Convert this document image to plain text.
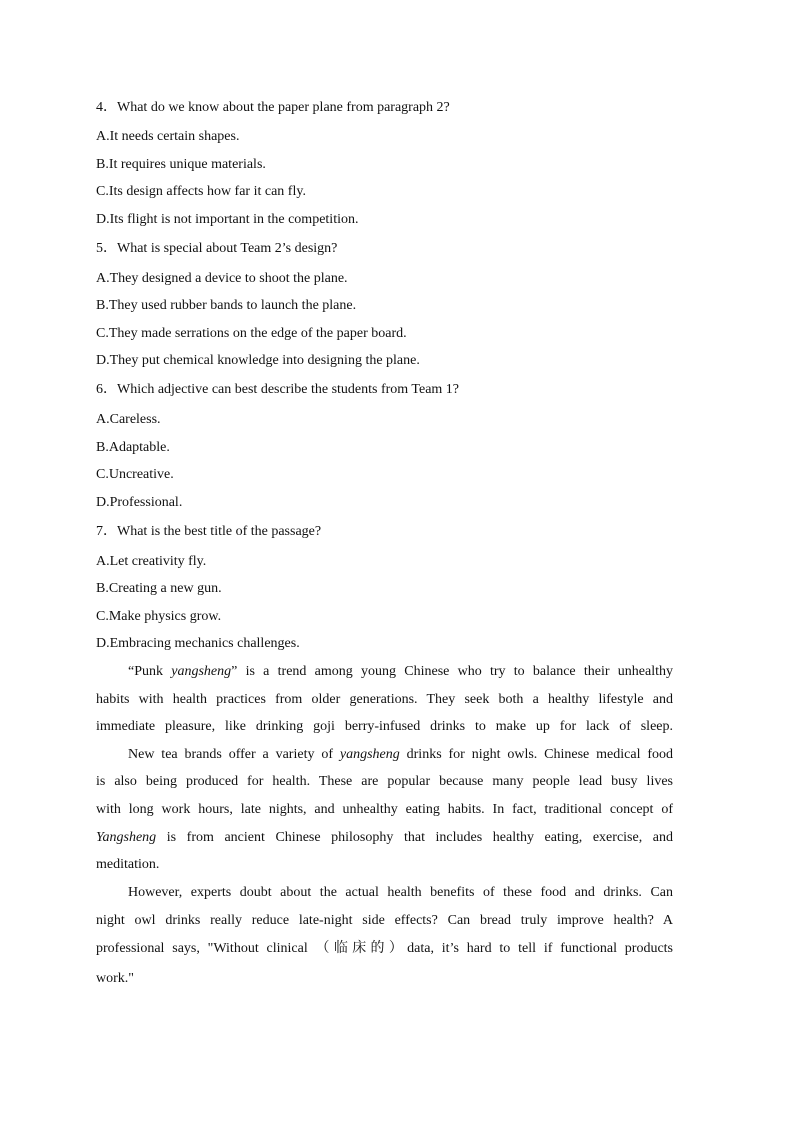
4．What do we know about the paper plane from paragraph 2?
A.It needs certain shapes.
B.It requires unique materials.
C.Its design affects how far it can fly.
D.Its flight is not important in the competition.
5．What is special about Team 2’s design?
A.They designed a device to shoot the plane.
B.They used rubber bands to launch the plane.
C.They made serrations on the edge of the paper board.
D.They put chemical knowledge into designing the plane.
6．Which adjective can best describe the students from Team 1?
A.Careless.
B.Adaptable.
C.Uncreative.
D.Professional.
7．What is the best title of the passage?
A.Let creativity fly.
B.Creating a new gun.
C.Make physics grow.
D.Embracing mechanics challenges.
“Punk yangsheng” is a trend among young Chinese who try to balance their unhealthy
habits with health practices from older generations. They seek both a healthy lifestyle and
immediate pleasure, like drinking goji berry-infused drinks to make up for lack of sleep.
New tea brands offer a variety of yangsheng drinks for night owls. Chinese medical food
is also being produced for health. These are popular because many people lead busy lives
with long work hours, late nights, and unhealthy eating habits. In fact, traditional concept of
Yangsheng is from ancient Chinese philosophy that includes healthy eating, exercise, and
meditation.
However, experts doubt about the actual health benefits of these food and drinks. Can
night owl drinks really reduce late-night side effects? Can bread truly improve health? A
professional says, "Without clinical （临床的）data, it’s hard to tell if functional products
work."
